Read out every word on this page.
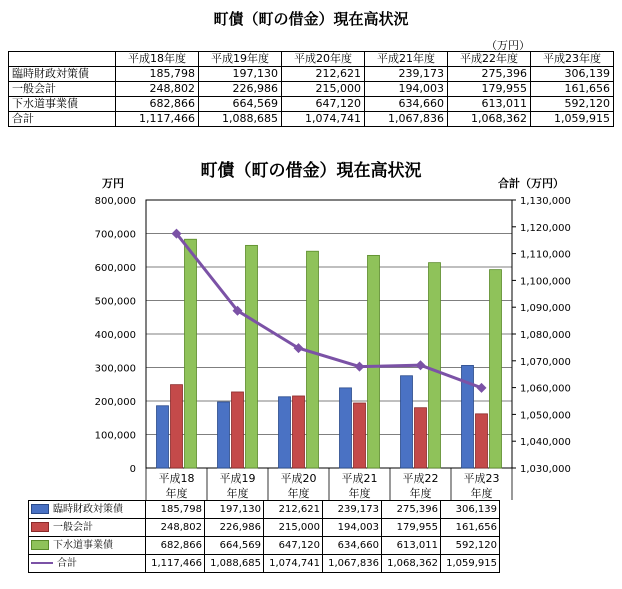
町債（町の借金）現在高状況
（万円）
	平成18年度	平成19年度	平成20年度	平成21年度	平成22年度	平成23年度
臨時財政対策債	185,798	197,130	212,621	239,173	275,396	306,139
一般会計	248,802	226,986	215,000	194,003	179,955	161,656
下水道事業債	682,866	664,569	647,120	634,660	613,011	592,120
合計	1,117,466	1,088,685	1,074,741	1,067,836	1,068,362	1,059,915
町債（町の借金）現在高状況
万円	合計（万円）
0
100,000
200,000
300,000
400,000
500,000
600,000
700,000
800,000
1,030,000
1,040,000
1,050,000
1,060,000
1,070,000
1,080,000
1,090,000
1,100,000
1,110,000
1,120,000
1,130,000
平成18
年度
平成19
年度
平成20
年度
平成21
年度
平成22
年度
平成23
年度
臨時財政対策債	185,798	197,130	212,621	239,173	275,396	306,139
一般会計	248,802	226,986	215,000	194,003	179,955	161,656
下水道事業債	682,866	664,569	647,120	634,660	613,011	592,120
合計	1,117,466	1,088,685	1,074,741	1,067,836	1,068,362	1,059,915
